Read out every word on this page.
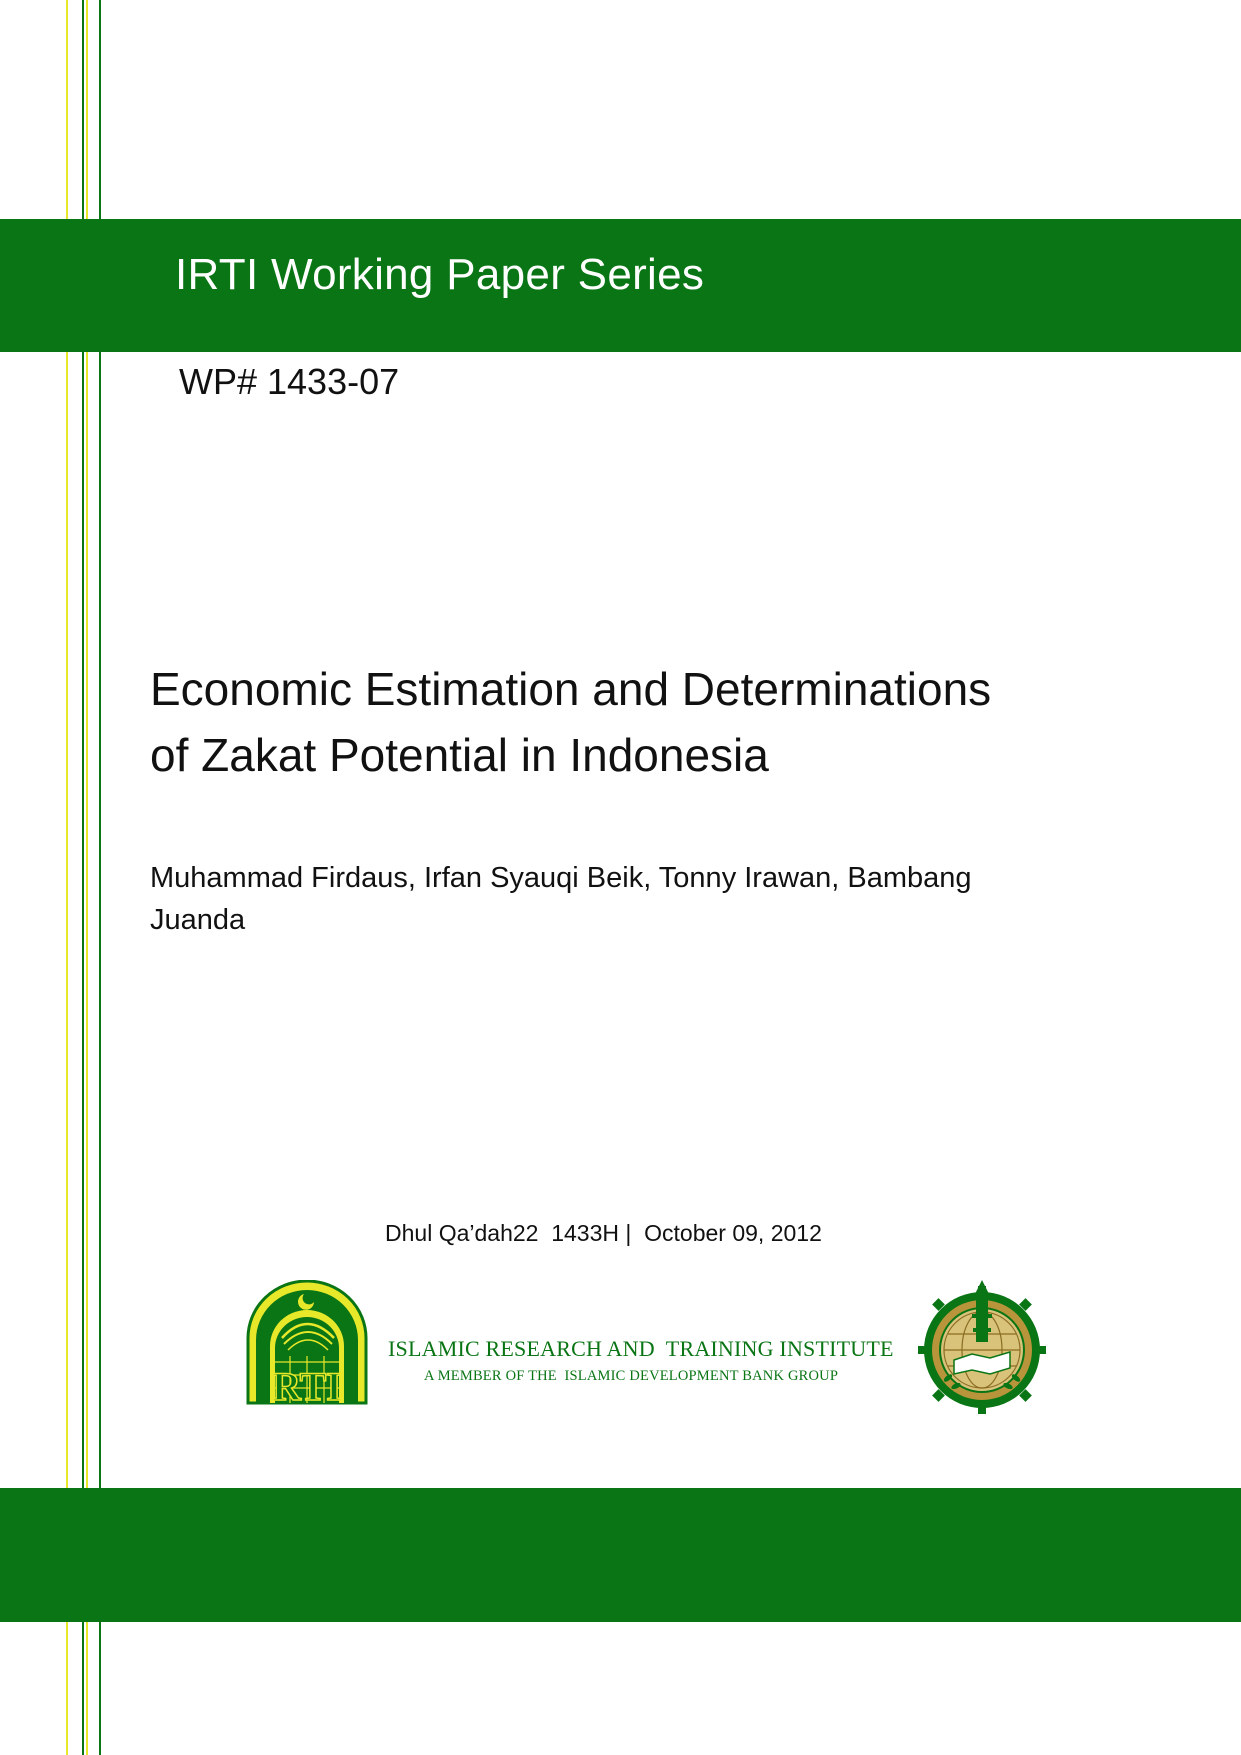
IRTI Working Paper Series
WP# 1433-07
Economic Estimation and Determinations
of Zakat Potential in Indonesia
Muhammad Firdaus, Irfan Syauqi Beik, Tonny Irawan, Bambang
Juanda
Dhul Qa’dah22  1433H |  October 09, 2012
RTI
ISLAMIC RESEARCH AND  TRAINING INSTITUTE
A MEMBER OF THE  ISLAMIC DEVELOPMENT BANK GROUP
